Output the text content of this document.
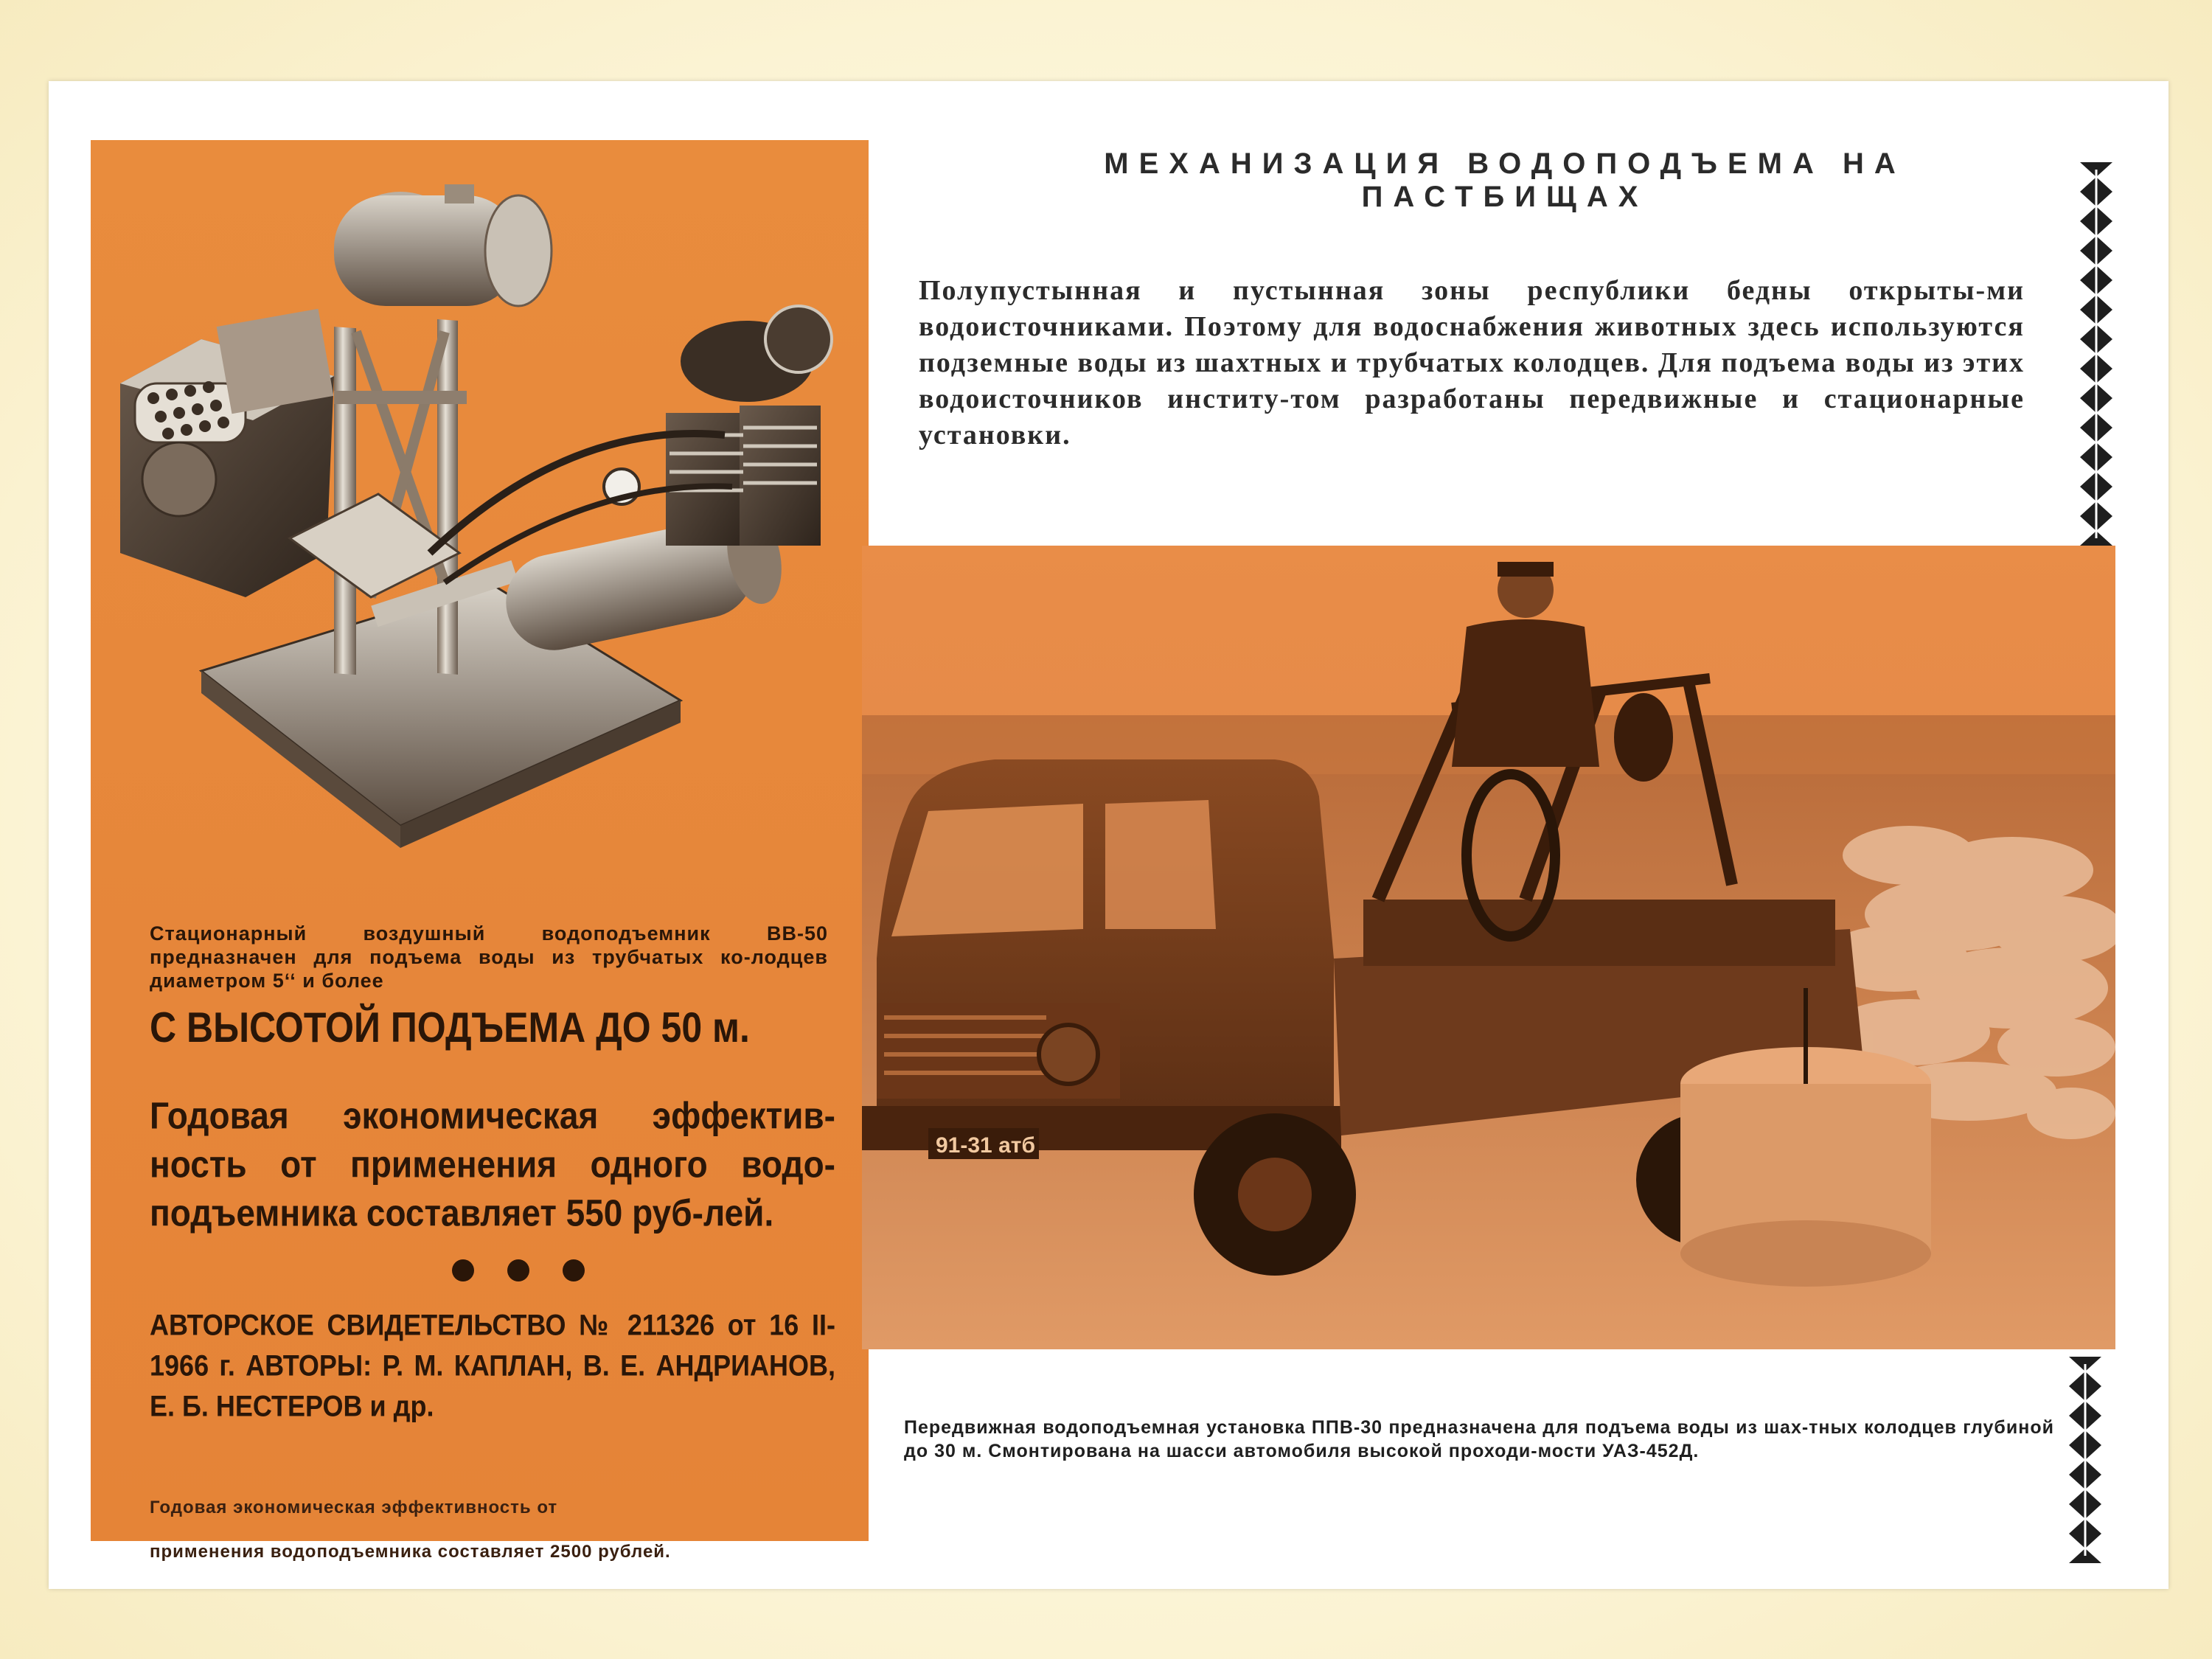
Стационарный воздушный водоподъемник ВВ-50 предназначен для подъема воды из трубчатых ко-лодцев диаметром 5‘‘ и более
С ВЫСОТОЙ ПОДЪЕМА ДО 50 м.
Годовая экономическая эффектив-ность от применения одного водо-подъемника составляет 550 руб-лей.
АВТОРСКОЕ СВИДЕТЕЛЬСТВО № 211326 от 16 II-1966 г. АВТОРЫ: Р. М. КАПЛАН, В. Е. АНДРИАНОВ, Е. Б. НЕСТЕРОВ и др.
Годовая экономическая эффективность от
применения водоподъемника составляет 2500 рублей.
МЕХАНИЗАЦИЯ ВОДОПОДЪЕМА НА ПАСТБИЩАХ
Полупустынная и пустынная зоны республики бедны открыты-ми водоисточниками. Поэтому для водоснабжения животных здесь используются подземные воды из шахтных и трубчатых колодцев. Для подъема воды из этих водоисточников институ-том разработаны передвижные и стационарные установки.
91-31 атб
Передвижная водоподъемная установка ППВ-30 предназначена для подъема воды из шах-тных колодцев глубиной до 30 м. Смонтирована на шасси автомобиля высокой проходи-мости УАЗ-452Д.
